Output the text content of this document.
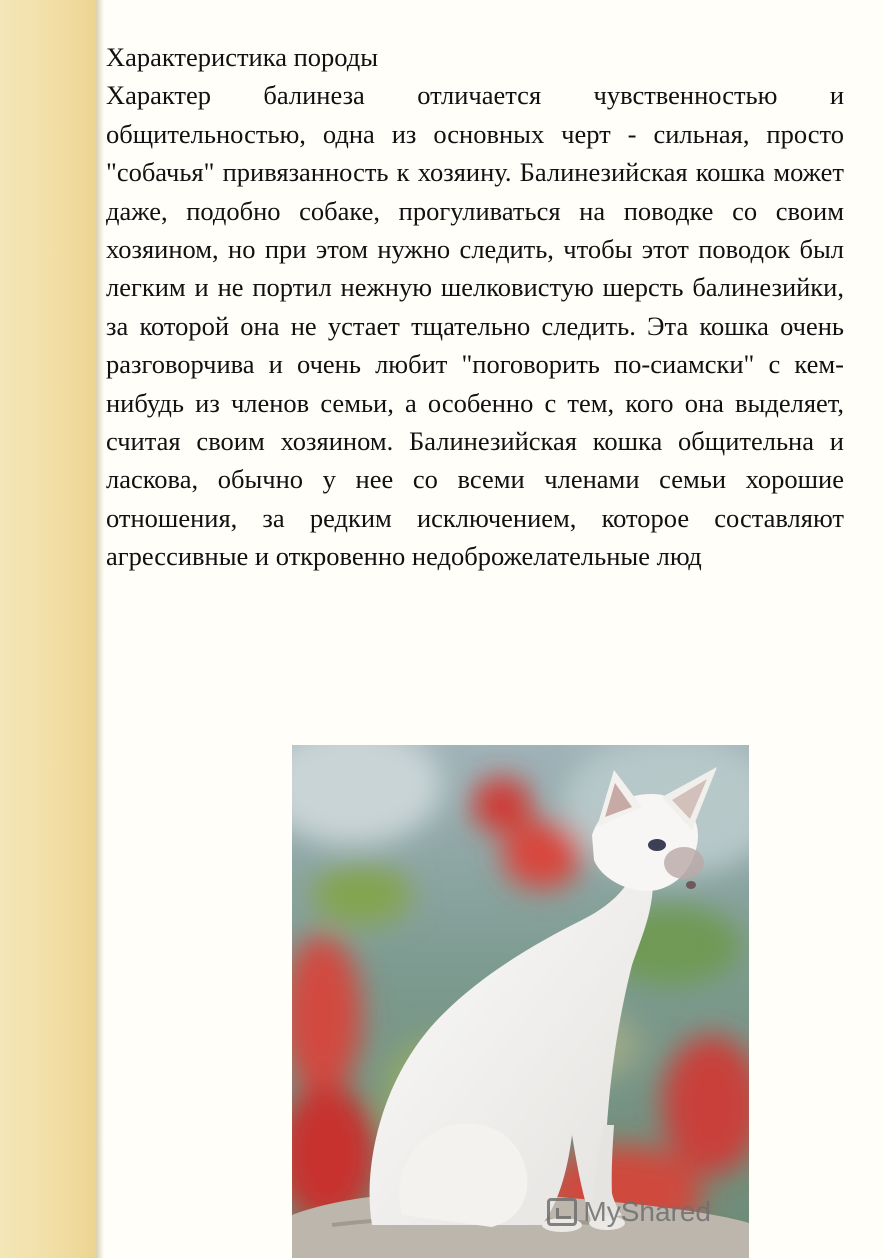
Характеристика породы

Характер балинеза отличается чувственностью и общительностью, одна из основных черт - сильная, просто "собачья" привязанность к хозяину. Балинезийская кошка может даже, подобно собаке, прогуливаться на поводке со своим хозяином, но при этом нужно следить, чтобы этот поводок был легким и не портил нежную шелковистую шерсть балинезийки, за которой она не устает тщательно следить. Эта кошка очень разговорчива и очень любит "поговорить по-сиамски" с кем-нибудь из членов семьи, а особенно с тем, кого она выделяет, считая своим хозяином. Балинезийская кошка общительна и ласкова, обычно у нее со всеми членами семьи хорошие отношения, за редким исключением, которое составляют агрессивные и откровенно недоброжелательные люд

MyShared
